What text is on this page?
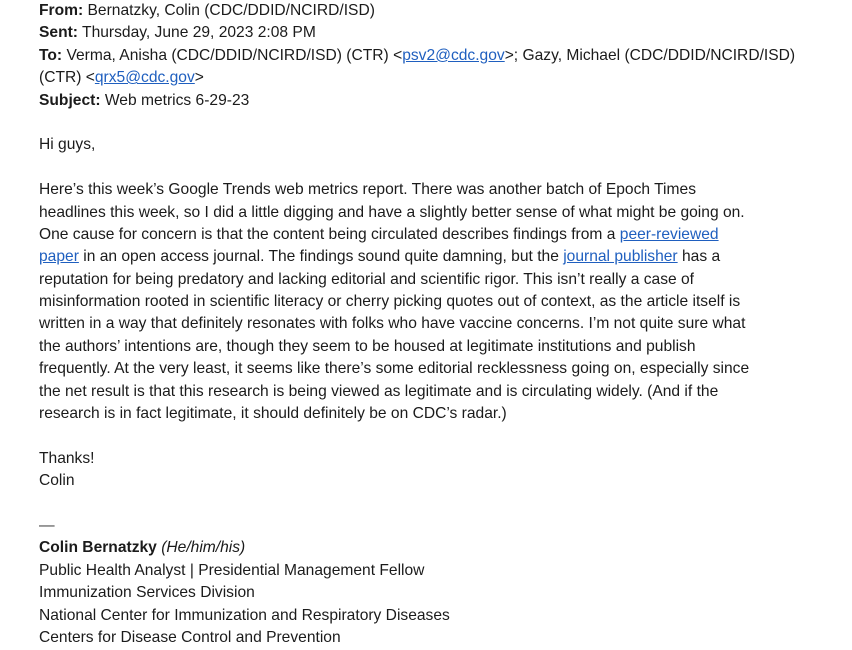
From: Bernatzky, Colin (CDC/DDID/NCIRD/ISD)
Sent: Thursday, June 29, 2023 2:08 PM
To: Verma, Anisha (CDC/DDID/NCIRD/ISD) (CTR) <psv2@cdc.gov>; Gazy, Michael (CDC/DDID/NCIRD/ISD)
(CTR) <qrx5@cdc.gov>
Subject: Web metrics 6-29-23
Hi guys,
Here’s this week’s Google Trends web metrics report. There was another batch of Epoch Times
headlines this week, so I did a little digging and have a slightly better sense of what might be going on.
One cause for concern is that the content being circulated describes findings from a peer-reviewed
paper in an open access journal. The findings sound quite damning, but the journal publisher has a
reputation for being predatory and lacking editorial and scientific rigor. This isn’t really a case of
misinformation rooted in scientific literacy or cherry picking quotes out of context, as the article itself is
written in a way that definitely resonates with folks who have vaccine concerns. I’m not quite sure what
the authors’ intentions are, though they seem to be housed at legitimate institutions and publish
frequently. At the very least, it seems like there’s some editorial recklessness going on, especially since
the net result is that this research is being viewed as legitimate and is circulating widely. (And if the
research is in fact legitimate, it should definitely be on CDC’s radar.)
Thanks!
Colin
—
Colin Bernatzky (He/him/his)
Public Health Analyst | Presidential Management Fellow
Immunization Services Division
National Center for Immunization and Respiratory Diseases
Centers for Disease Control and Prevention
